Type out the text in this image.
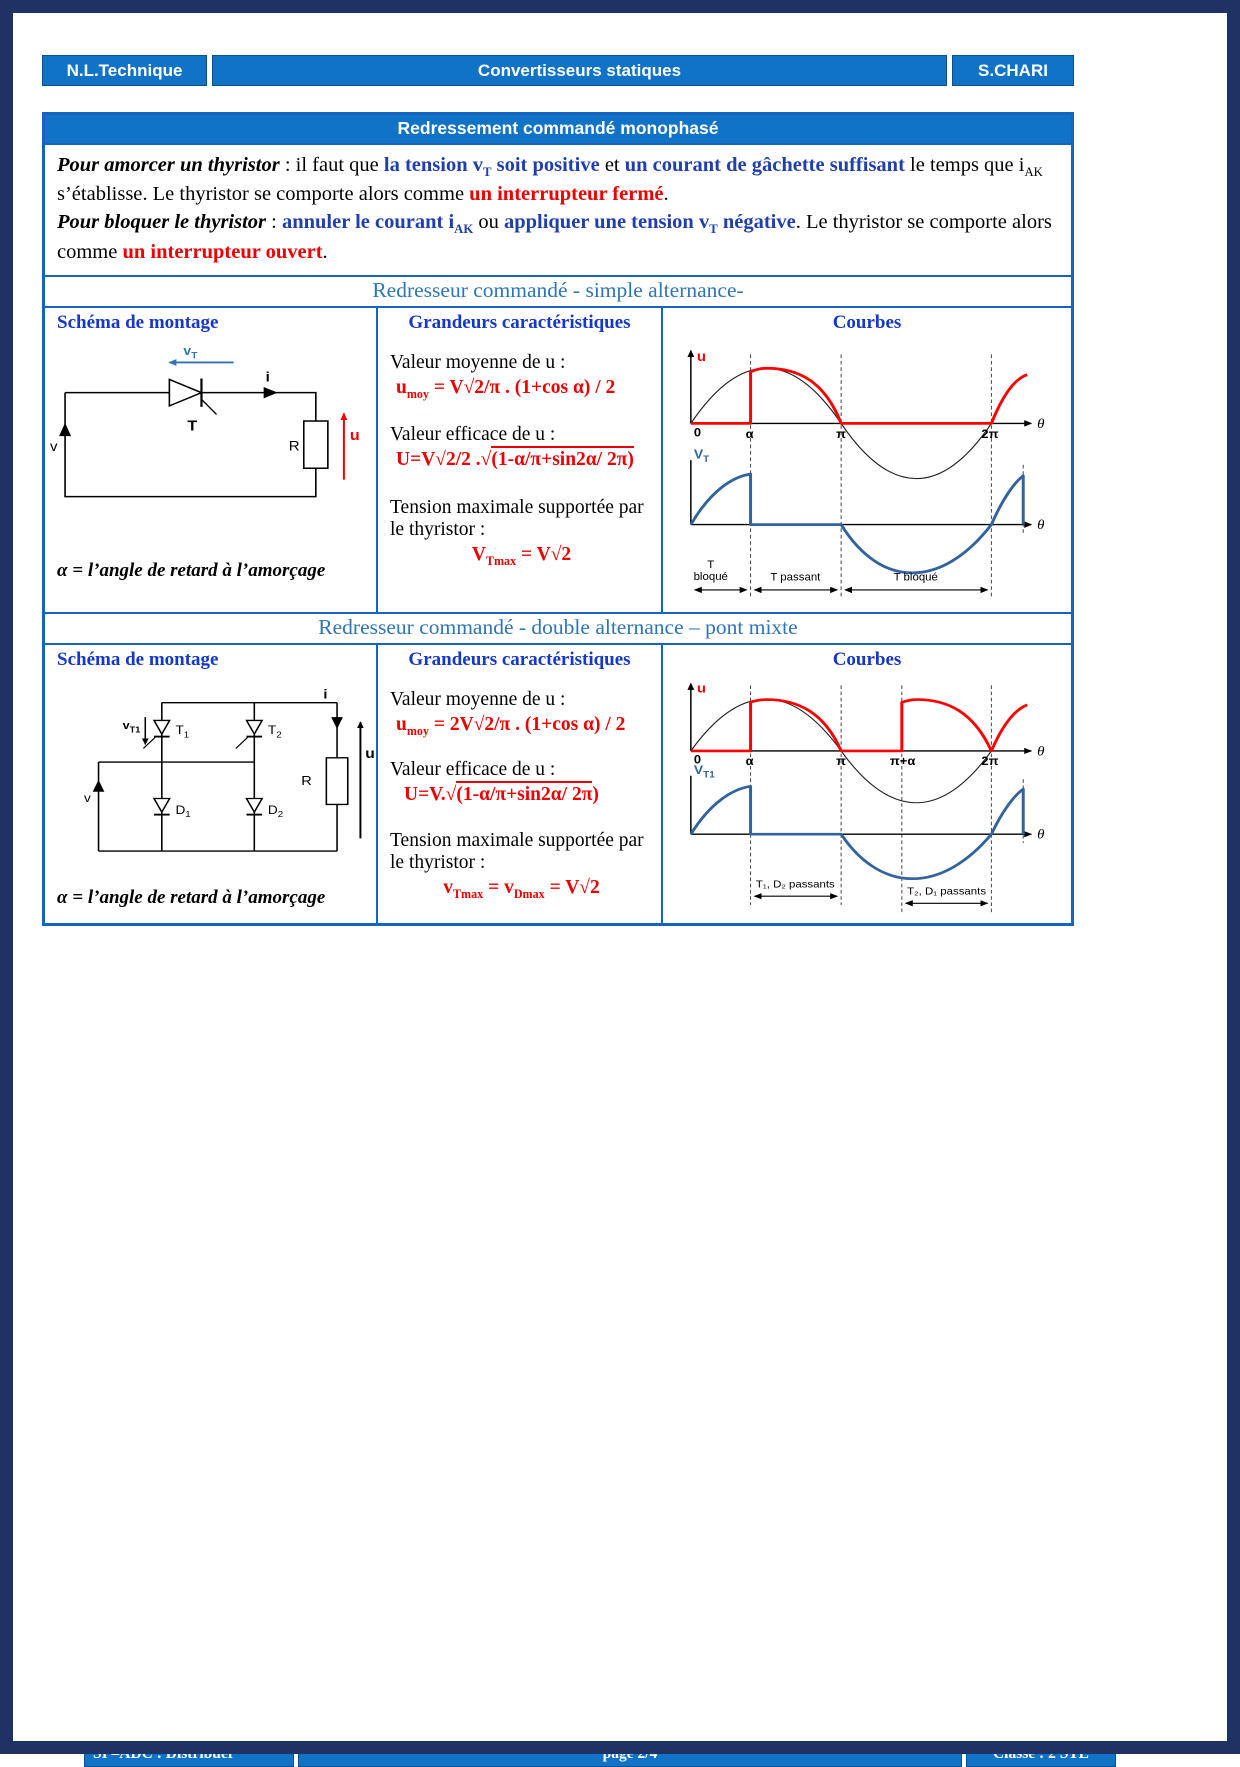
N.L.Technique	Convertisseurs statiques	S.CHARI
Redressement commandé monophasé

Pour amorcer un thyristor : il faut que la tension $v_T$ soit positive et un courant de gâchette suffisant le temps que $i_{AK}$ s’établisse. Le thyristor se comporte alors comme un interrupteur fermé.

Pour bloquer le thyristor : annuler le courant $i_{AK}$ ou appliquer une tension $v_T$ négative. Le thyristor se comporte alors comme un interrupteur ouvert.

Redresseur commandé - simple alternance-
Schéma de montage
$v_T$
i
v
T
R
u
α = l’angle de retard à l’amorçage
Grandeurs caractéristiques

Valeur moyenne de u :

$u_{moy} = V√2/\pi$ . (1+cos α) / 2

Valeur efficace de u :

U=V√2/2 .√(1-α/π+sin2α/ 2π)

Tension maximale supportée par le thyristor :

$V_{Tmax} = V√2$

Courbes
u
θ
0	α	π	2π
$V_T$
θ
T
bloqué	T passant	T bloqué
Redresseur commandé - double alternance – pont mixte
Schéma de montage
$v_{T1}$	$T_1$	$T_2$
$D_1$	$D_2$
v
i
u
R
α = l’angle de retard à l’amorçage
Grandeurs caractéristiques

Valeur moyenne de u :

$u_{moy} = 2V√2/\pi$ . (1+cos α) / 2

Valeur efficace de u :

U=V.√(1-α/π+sin2α/ 2π)

Tension maximale supportée par le thyristor :

$v_{Tmax} = v_{Dmax} = V√2$

Courbes
u
θ
0	α	π	π+α	2π
$V_{T1}$
θ
T₁, D₂ passants
T₂, D₁ passants
SI –ADC : Distribuer	page 2/4	Classe : 2 STE
